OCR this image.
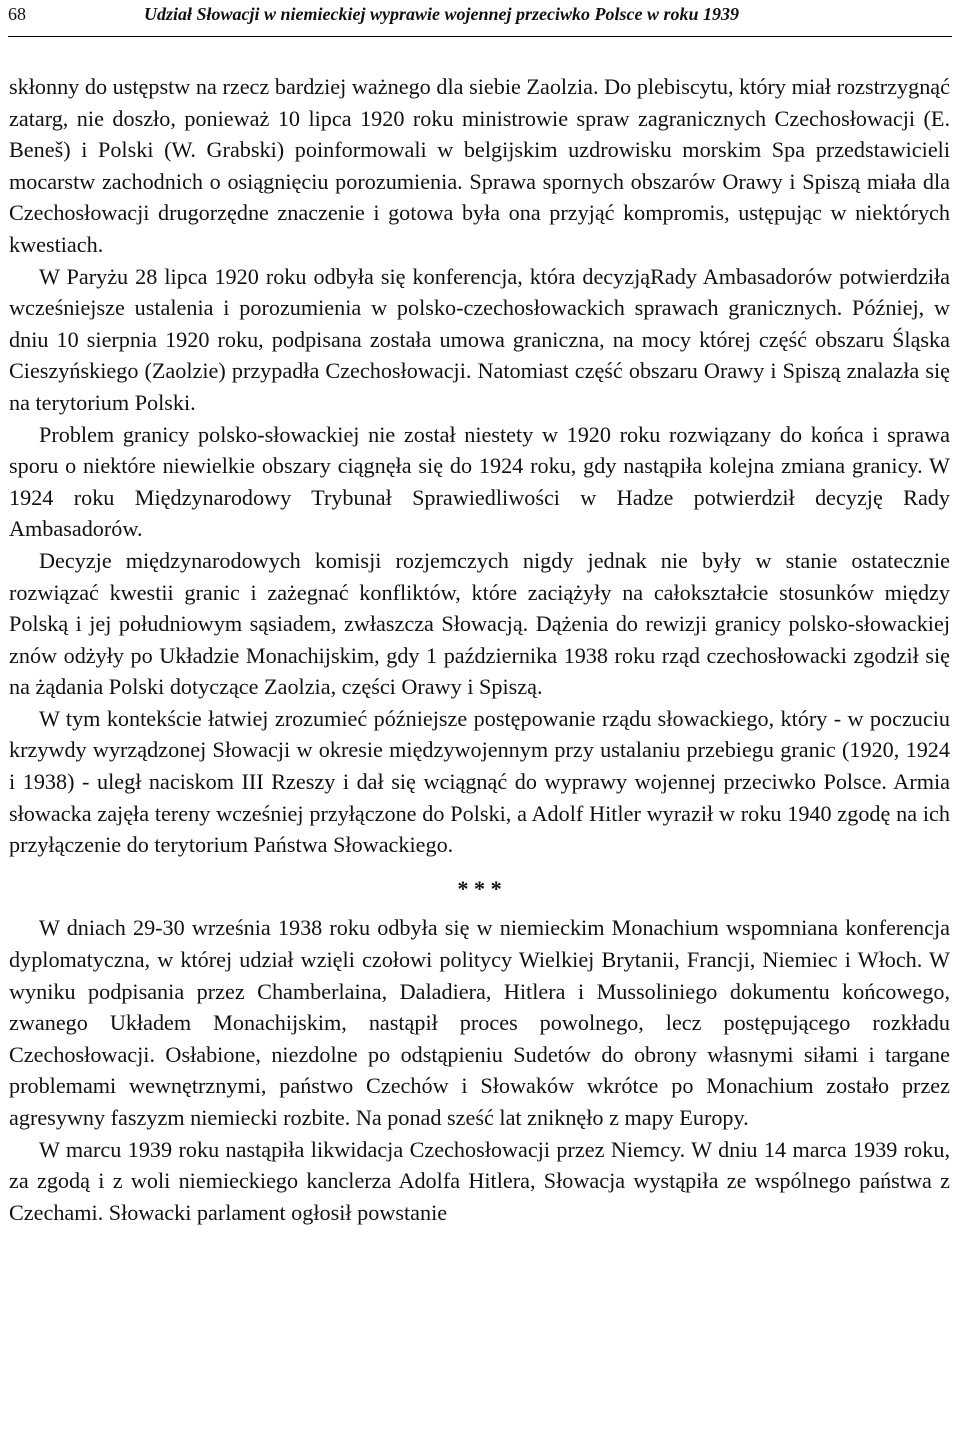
68	Udział Słowacji w niemieckiej wyprawie wojennej przeciwko Polsce w roku 1939

skłonny do ustępstw na rzecz bardziej ważnego dla siebie Zaolzia. Do plebiscytu, który miał rozstrzygnąć zatarg, nie doszło, ponieważ 10 lipca 1920 roku ministrowie spraw zagranicznych Czechosłowacji (E. Beneš) i Polski (W. Grabski) poinformowali w belgijskim uzdrowisku morskim Spa przedstawicieli mocarstw zachodnich o osiągnięciu porozumienia. Sprawa spornych obszarów Orawy i Spiszą miała dla Czechosłowacji drugorzędne znaczenie i gotowa była ona przyjąć kompromis, ustępując w niektórych kwestiach.

W Paryżu 28 lipca 1920 roku odbyła się konferencja, która decyzjąRady Ambasadorów potwierdziła wcześniejsze ustalenia i porozumienia w polsko-czechosłowackich sprawach granicznych. Później, w dniu 10 sierpnia 1920 roku, podpisana została umowa graniczna, na mocy której część obszaru Śląska Cieszyńskiego (Zaolzie) przypadła Czechosłowacji. Natomiast część obszaru Orawy i Spiszą znalazła się na terytorium Polski.

Problem granicy polsko-słowackiej nie został niestety w 1920 roku rozwiązany do końca i sprawa sporu o niektóre niewielkie obszary ciągnęła się do 1924 roku, gdy nastąpiła kolejna zmiana granicy. W 1924 roku Międzynarodowy Trybunał Sprawiedliwości w Hadze potwierdził decyzję Rady Ambasadorów.

Decyzje międzynarodowych komisji rozjemczych nigdy jednak nie były w stanie ostatecznie rozwiązać kwestii granic i zażegnać konfliktów, które zaciążyły na całokształcie stosunków między Polską i jej południowym sąsiadem, zwłaszcza Słowacją. Dążenia do rewizji granicy polsko-słowackiej znów odżyły po Układzie Monachijskim, gdy 1 października 1938 roku rząd czechosłowacki zgodził się na żądania Polski dotyczące Zaolzia, części Orawy i Spiszą.

W tym kontekście łatwiej zrozumieć późniejsze postępowanie rządu słowackiego, który - w poczuciu krzywdy wyrządzonej Słowacji w okresie międzywojennym przy ustalaniu przebiegu granic (1920, 1924 i 1938) - uległ naciskom III Rzeszy i dał się wciągnąć do wyprawy wojennej przeciwko Polsce. Armia słowacka zajęła tereny wcześniej przyłączone do Polski, a Adolf Hitler wyraził w roku 1940 zgodę na ich przyłączenie do terytorium Państwa Słowackiego.

* * *

W dniach 29-30 września 1938 roku odbyła się w niemieckim Monachium wspomniana konferencja dyplomatyczna, w której udział wzięli czołowi politycy Wielkiej Brytanii, Francji, Niemiec i Włoch. W wyniku podpisania przez Chamberlaina, Daladiera, Hitlera i Mussoliniego dokumentu końcowego, zwanego Układem Monachijskim, nastąpił proces powolnego, lecz postępującego rozkładu Czechosłowacji. Osłabione, niezdolne po odstąpieniu Sudetów do obrony własnymi siłami i targane problemami wewnętrznymi, państwo Czechów i Słowaków wkrótce po Monachium zostało przez agresywny faszyzm niemiecki rozbite. Na ponad sześć lat zniknęło z mapy Europy.

W marcu 1939 roku nastąpiła likwidacja Czechosłowacji przez Niemcy. W dniu 14 marca 1939 roku, za zgodą i z woli niemieckiego kanclerza Adolfa Hitlera, Słowacja wystąpiła ze wspólnego państwa z Czechami. Słowacki parlament ogłosił powstanie
